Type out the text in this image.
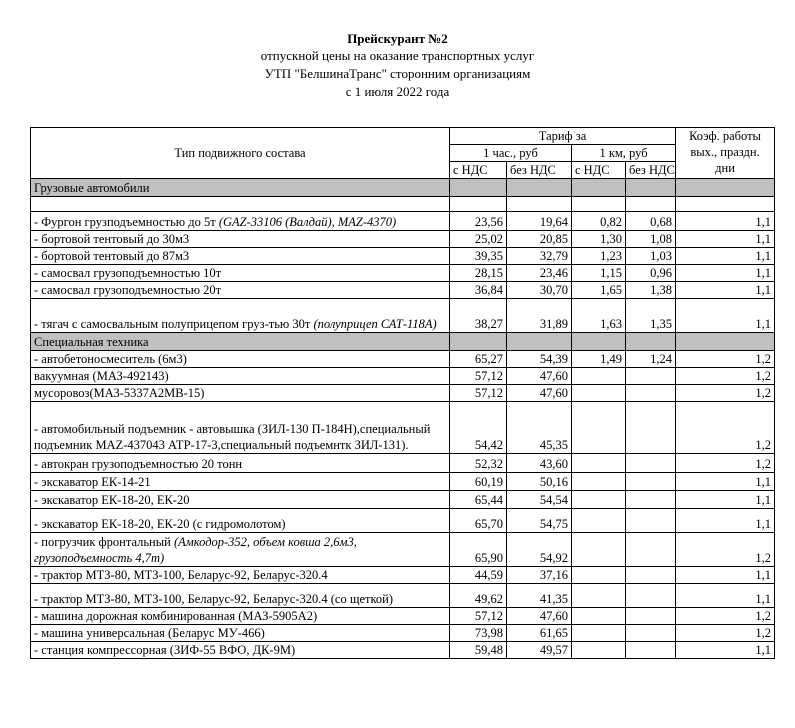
Прейскурант №2
отпускной цены на оказание транспортных услуг
УТП "БелшинаТранс" сторонним организациям
с 1 июля 2022 года
Тип подвижного состава	Тариф за				Коэф. работы вых., праздн. дни
	1 час., руб		1 км, руб		
	с НДС	без НДС	с НДС	без НДС	
Грузовые автомобили					

- Фургон грузподъемностью до 5т (GAZ-33106 (Валдай), MAZ-4370)	23,56	19,64	0,82	0,68	1,1
- бортовой тентовый до 30м3	25,02	20,85	1,30	1,08	1,1
- бортовой тентовый до 87м3	39,35	32,79	1,23	1,03	1,1
- самосвал грузоподъемностью 10т	28,15	23,46	1,15	0,96	1,1
- самосвал грузоподъемностью 20т	36,84	30,70	1,65	1,38	1,1
- тягач с самосвальным полуприцепом груз-тью 30т (полуприцеп САТ-118А)	38,27	31,89	1,63	1,35	1,1
Специальная техника					
- автобетоносмеситель (6м3)	65,27	54,39	1,49	1,24	1,2
вакуумная (МАЗ-492143)	57,12	47,60			1,2
мусоровоз(МАЗ-5337А2МВ-15)	57,12	47,60			1,2
- автомобильный подъемник - автовышка (ЗИЛ-130 П-184Н),специальный подъемник MAZ-437043 АТР-17-3,специальный подъемнтк ЗИЛ-131).	54,42	45,35			1,2
- автокран грузоподъемностью 20 тонн	52,32	43,60			1,2
- экскаватор ЕК-14-21	60,19	50,16			1,1
- экскаватор ЕК-18-20, ЕК-20	65,44	54,54			1,1
- экскаватор ЕК-18-20, ЕК-20 (с гидромолотом)	65,70	54,75			1,1
- погрузчик фронтальный (Амкодор-352, объем ковша 2,6м3, грузоподъемность 4,7т)	65,90	54,92			1,2
- трактор МТЗ-80, МТЗ-100, Беларус-92, Беларус-320.4	44,59	37,16			1,1
- трактор МТЗ-80, МТЗ-100, Беларус-92, Беларус-320.4 (со щеткой)	49,62	41,35			1,1
- машина дорожная комбинированная (МАЗ-5905А2)	57,12	47,60			1,2
- машина универсальная (Беларус МУ-466)	73,98	61,65			1,2
- станция компрессорная (ЗИФ-55 ВФО, ДК-9М)	59,48	49,57			1,1
